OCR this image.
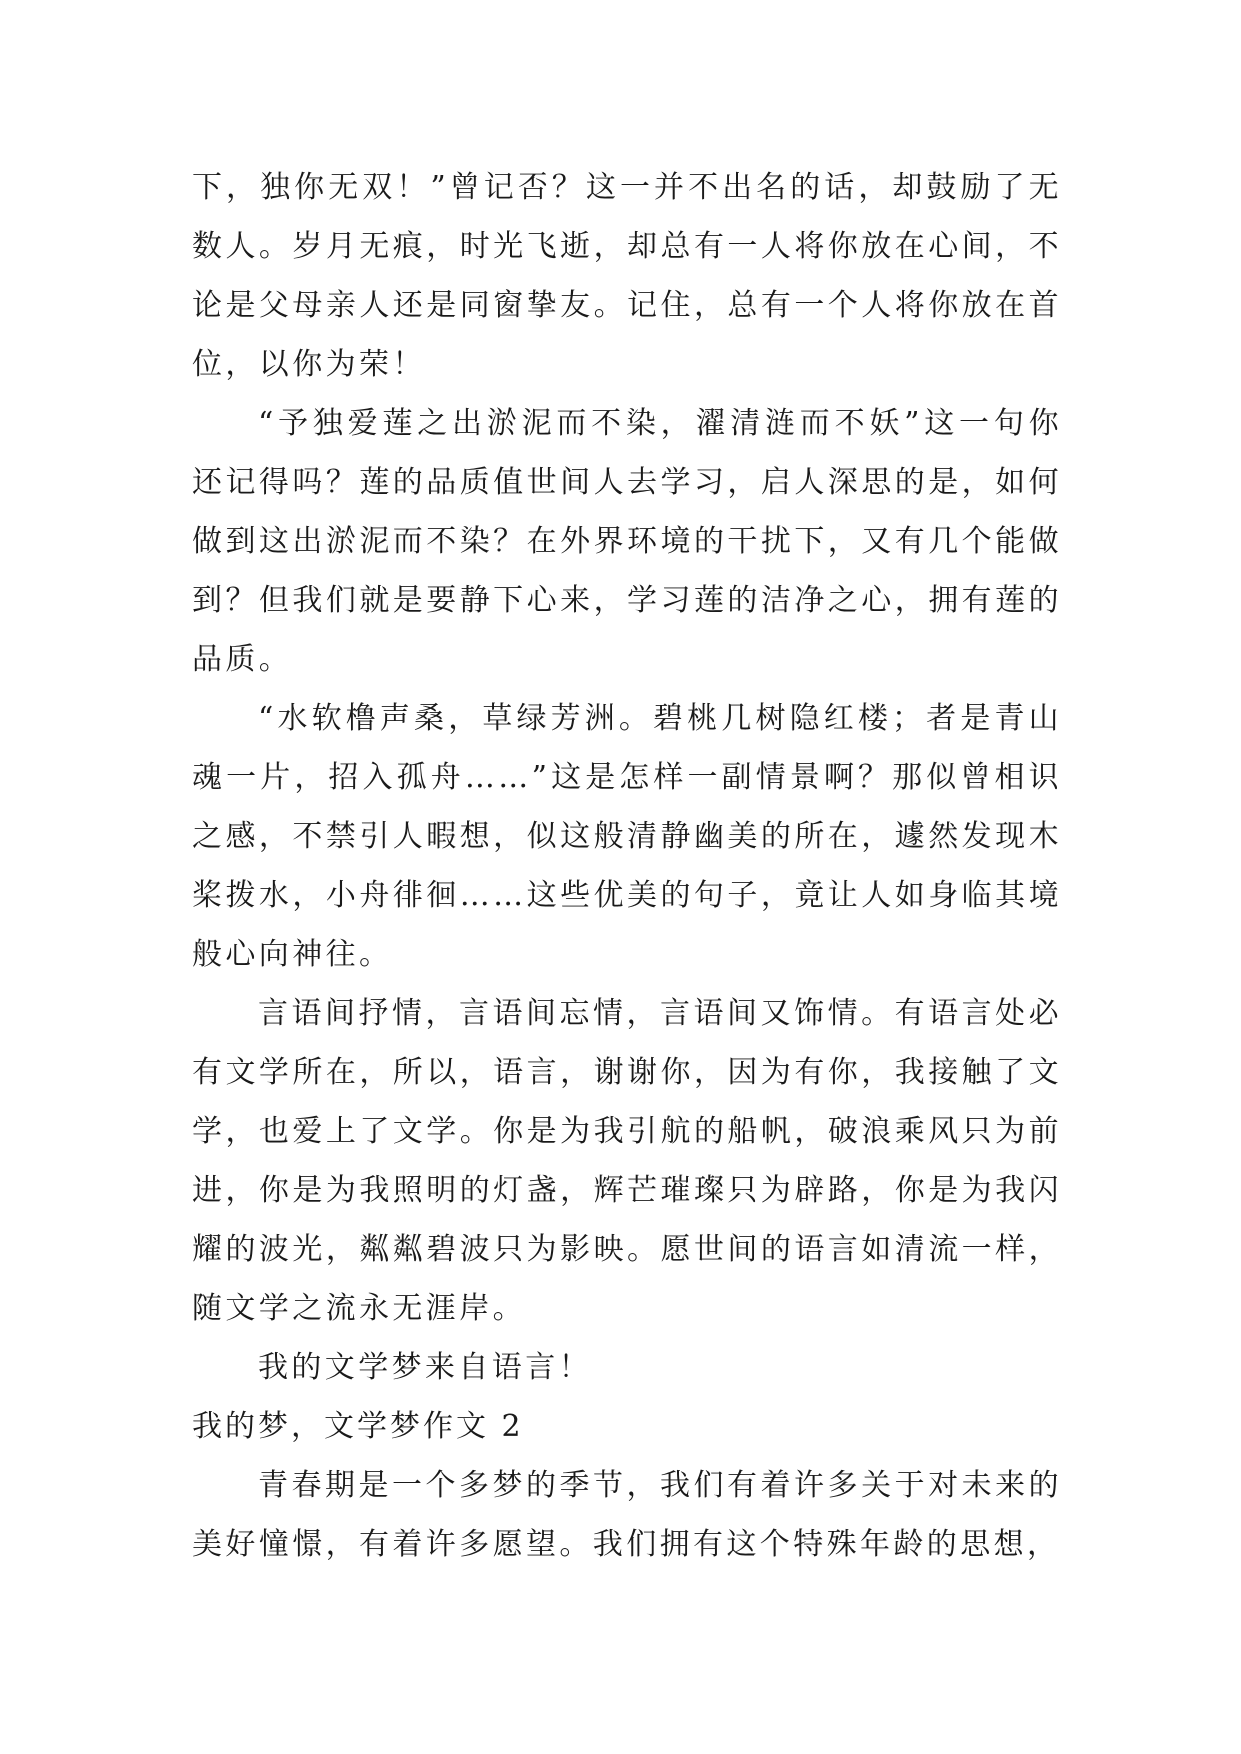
下，独你无双！”曾记否？这一并不出名的话，却鼓励了无数人。岁月无痕，时光飞逝，却总有一人将你放在心间，不论是父母亲人还是同窗挚友。记住，总有一个人将你放在首位，以你为荣！

“予独爱莲之出淤泥而不染，濯清涟而不妖”这一句你还记得吗？莲的品质值世间人去学习，启人深思的是，如何做到这出淤泥而不染？在外界环境的干扰下，又有几个能做到？但我们就是要静下心来，学习莲的洁净之心，拥有莲的品质。

“水软橹声桑，草绿芳洲。碧桃几树隐红楼；者是青山魂一片，招入孤舟……”这是怎样一副情景啊？那似曾相识之感，不禁引人暇想，似这般清静幽美的所在，遽然发现木桨拨水，小舟徘徊……这些优美的句子，竟让人如身临其境般心向神往。

言语间抒情，言语间忘情，言语间又饰情。有语言处必有文学所在，所以，语言，谢谢你，因为有你，我接触了文学，也爱上了文学。你是为我引航的船帆，破浪乘风只为前进，你是为我照明的灯盏，辉芒璀璨只为辟路，你是为我闪耀的波光，粼粼碧波只为影映。愿世间的语言如清流一样，随文学之流永无涯岸。

我的文学梦来自语言！

我的梦，文学梦作文 2

青春期是一个多梦的季节，我们有着许多关于对未来的美好憧憬，有着许多愿望。我们拥有这个特殊年龄的思想，
